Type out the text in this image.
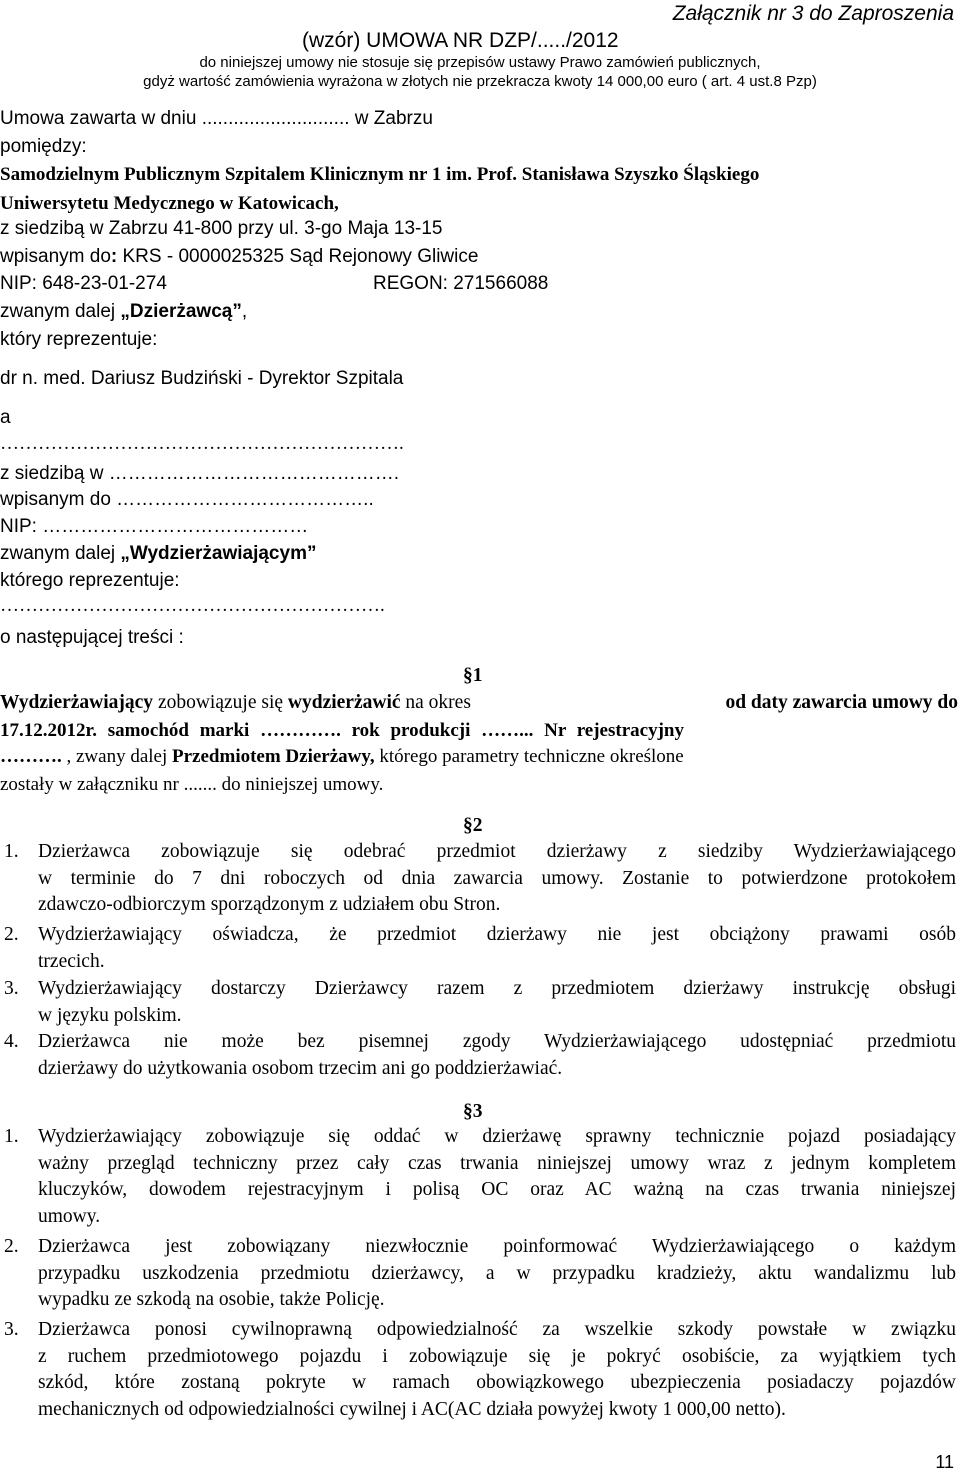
Załącznik nr 3 do Zaproszenia
(wzór) UMOWA NR DZP/...../2012
do niniejszej umowy nie stosuje się przepisów ustawy Prawo zamówień publicznych,
gdyż wartość zamówienia wyrażona w złotych nie przekracza kwoty 14 000,00 euro ( art. 4 ust.8 Pzp)
Umowa zawarta w dniu ............................ w Zabrzu
pomiędzy:
Samodzielnym Publicznym Szpitalem Klinicznym nr 1 im. Prof. Stanisława Szyszko Śląskiego
Uniwersytetu Medycznego w Katowicach,
z siedzibą w Zabrzu 41-800 przy ul. 3-go Maja 13-15
wpisanym do: KRS - 0000025325 Sąd Rejonowy Gliwice
NIP: 648-23-01-274	REGON: 271566088
zwanym dalej „Dzierżawcą”,
który reprezentuje:
dr n. med. Dariusz Budziński - Dyrektor Szpitala
a
……………………………………………………….
z siedzibą w ……………………………………….
wpisanym do …………………………………..
NIP: ……………………………………
zwanym dalej „Wydzierżawiającym”
którego reprezentuje:
…………………………………………………….
o następującej treści :
§1
Wydzierżawiający zobowiązuje się wydzierżawić na okres	od daty zawarcia umowy do
17.12.2012r. samochód marki …………. rok produkcji ……... Nr rejestracyjny
………. , zwany dalej Przedmiotem Dzierżawy, którego parametry techniczne określone
zostały w załączniku nr ....... do niniejszej umowy.
§2
1. Dzierżawca zobowiązuje się odebrać przedmiot dzierżawy z siedziby Wydzierżawiającego
w terminie do 7 dni roboczych od dnia zawarcia umowy. Zostanie to potwierdzone protokołem
zdawczo-odbiorczym sporządzonym z udziałem obu Stron.
2. Wydzierżawiający oświadcza, że przedmiot dzierżawy nie jest obciążony prawami osób
trzecich.
3. Wydzierżawiający dostarczy Dzierżawcy razem z przedmiotem dzierżawy instrukcję obsługi
w języku polskim.
4. Dzierżawca nie może bez pisemnej zgody Wydzierżawiającego udostępniać przedmiotu
dzierżawy do użytkowania osobom trzecim ani go poddzierżawiać.
§3
1. Wydzierżawiający zobowiązuje się oddać w dzierżawę sprawny technicznie pojazd posiadający
ważny przegląd techniczny przez cały czas trwania niniejszej umowy wraz z jednym kompletem
kluczyków, dowodem rejestracyjnym i polisą OC oraz AC ważną na czas trwania niniejszej
umowy.
2. Dzierżawca jest zobowiązany niezwłocznie poinformować Wydzierżawiającego o każdym
przypadku uszkodzenia przedmiotu dzierżawcy, a w przypadku kradzieży, aktu wandalizmu lub
wypadku ze szkodą na osobie, także Policję.
3. Dzierżawca ponosi cywilnoprawną odpowiedzialność za wszelkie szkody powstałe w związku
z ruchem przedmiotowego pojazdu i zobowiązuje się je pokryć osobiście, za wyjątkiem tych
szkód, które zostaną pokryte w ramach obowiązkowego ubezpieczenia posiadaczy pojazdów
mechanicznych od odpowiedzialności cywilnej i AC(AC działa powyżej kwoty 1 000,00 netto).
11
